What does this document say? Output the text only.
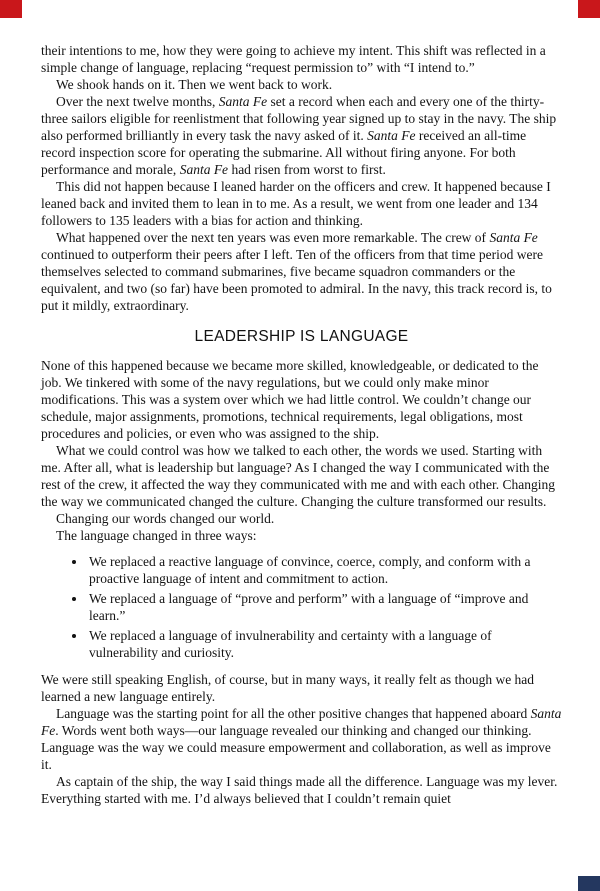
their intentions to me, how they were going to achieve my intent. This shift was reflected in a simple change of language, replacing “request permission to” with “I intend to.”

We shook hands on it. Then we went back to work.

Over the next twelve months, Santa Fe set a record when each and every one of the thirty-three sailors eligible for reenlistment that following year signed up to stay in the navy. The ship also performed brilliantly in every task the navy asked of it. Santa Fe received an all-time record inspection score for operating the submarine. All without firing anyone. For both performance and morale, Santa Fe had risen from worst to first.

This did not happen because I leaned harder on the officers and crew. It happened because I leaned back and invited them to lean in to me. As a result, we went from one leader and 134 followers to 135 leaders with a bias for action and thinking.

What happened over the next ten years was even more remarkable. The crew of Santa Fe continued to outperform their peers after I left. Ten of the officers from that time period were themselves selected to command submarines, five became squadron commanders or the equivalent, and two (so far) have been promoted to admiral. In the navy, this track record is, to put it mildly, extraordinary.

LEADERSHIP IS LANGUAGE

None of this happened because we became more skilled, knowledgeable, or dedicated to the job. We tinkered with some of the navy regulations, but we could only make minor modifications. This was a system over which we had little control. We couldn’t change our schedule, major assignments, promotions, technical requirements, legal obligations, most procedures and policies, or even who was assigned to the ship.

What we could control was how we talked to each other, the words we used. Starting with me. After all, what is leadership but language? As I changed the way I communicated with the rest of the crew, it affected the way they communicated with me and with each other. Changing the way we communicated changed the culture. Changing the culture transformed our results.

Changing our words changed our world.

The language changed in three ways:

• We replaced a reactive language of convince, coerce, comply, and conform with a proactive language of intent and commitment to action.
• We replaced a language of “prove and perform” with a language of “improve and learn.”
• We replaced a language of invulnerability and certainty with a language of vulnerability and curiosity.

We were still speaking English, of course, but in many ways, it really felt as though we had learned a new language entirely.

Language was the starting point for all the other positive changes that happened aboard Santa Fe. Words went both ways—our language revealed our thinking and changed our thinking. Language was the way we could measure empowerment and collaboration, as well as improve it.

As captain of the ship, the way I said things made all the difference. Language was my lever. Everything started with me. I’d always believed that I couldn’t remain quiet
